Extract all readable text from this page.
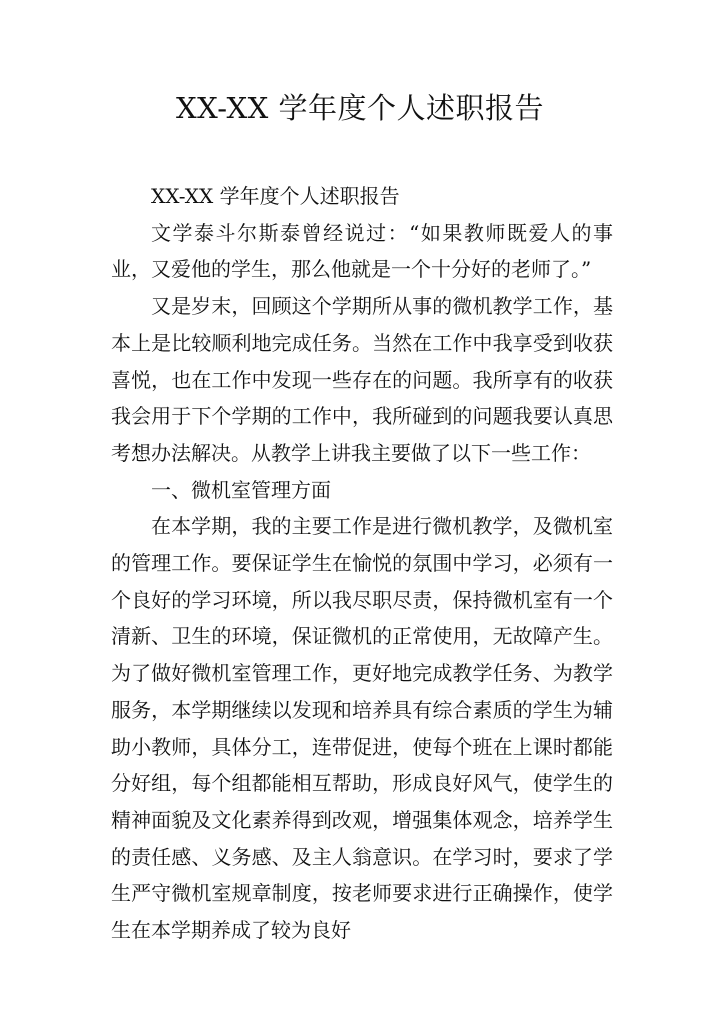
XX-XX 学年度个人述职报告

XX-XX 学年度个人述职报告

文学泰斗尔斯泰曾经说过：“如果教师既爱人的事业，又爱他的学生，那么他就是一个十分好的老师了。”

又是岁末，回顾这个学期所从事的微机教学工作，基本上是比较顺利地完成任务。当然在工作中我享受到收获喜悦，也在工作中发现一些存在的问题。我所享有的收获我会用于下个学期的工作中，我所碰到的问题我要认真思考想办法解决。从教学上讲我主要做了以下一些工作：

一、微机室管理方面

在本学期，我的主要工作是进行微机教学，及微机室的管理工作。要保证学生在愉悦的氛围中学习，必须有一个良好的学习环境，所以我尽职尽责，保持微机室有一个清新、卫生的环境，保证微机的正常使用，无故障产生。为了做好微机室管理工作，更好地完成教学任务、为教学服务，本学期继续以发现和培养具有综合素质的学生为辅助小教师，具体分工，连带促进，使每个班在上课时都能分好组，每个组都能相互帮助，形成良好风气，使学生的精神面貌及文化素养得到改观，增强集体观念，培养学生的责任感、义务感、及主人翁意识。在学习时，要求了学生严守微机室规章制度，按老师要求进行正确操作，使学生在本学期养成了较为良好
